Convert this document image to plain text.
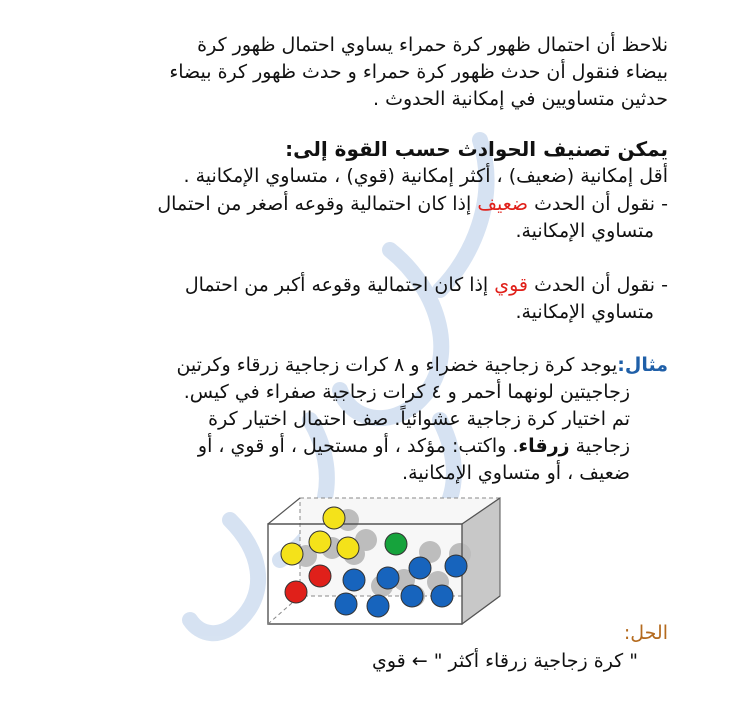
نلاحظ أن احتمال ظهور كرة حمراء يساوي احتمال ظهور كرة
بيضاء فنقول أن حدث ظهور كرة حمراء و حدث ظهور كرة بيضاء
حدثين متساويين في إمكانية الحدوث .
يمكن تصنيف الحوادث حسب القوة إلى:
أقل إمكانية (ضعيف) ، أكثر إمكانية (قوي) ، متساوي الإمكانية .
- نقول أن الحدث ضعيف إذا كان احتمالية وقوعه أصغر من احتمال
متساوي الإمكانية.
- نقول أن الحدث قوي إذا كان احتمالية وقوعه أكبر من احتمال
متساوي الإمكانية.
مثال:يوجد كرة زجاجية خضراء و ٨ كرات زجاجية زرقاء وكرتين
زجاجيتين لونهما أحمر و ٤ كرات زجاجية صفراء في كيس.
تم اختيار كرة زجاجية عشوائياً. صف احتمال اختيار كرة
زجاجية زرقاء. واكتب: مؤكد ، أو مستحيل ، أو قوي ، أو
ضعيف ، أو متساوي الإمكانية.
الحل:
" كرة زجاجية زرقاء أكثر " ← قوي
